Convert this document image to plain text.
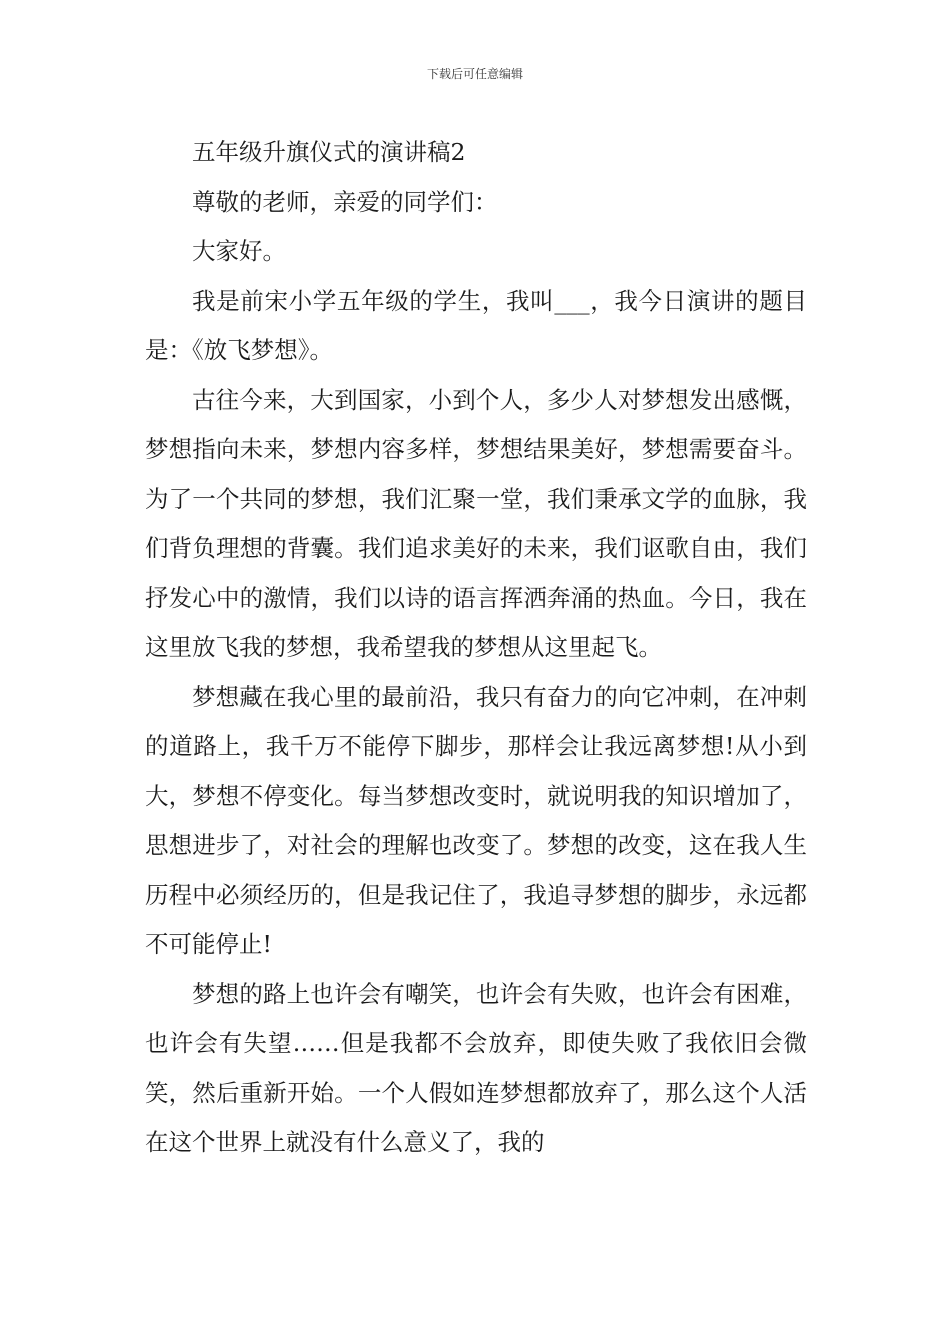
下载后可任意编辑

五年级升旗仪式的演讲稿2

尊敬的老师，亲爱的同学们：

大家好。

我是前宋小学五年级的学生，我叫___，我今日演讲的题目是：《放飞梦想》。

古往今来，大到国家，小到个人，多少人对梦想发出感慨，梦想指向未来，梦想内容多样，梦想结果美好，梦想需要奋斗。为了一个共同的梦想，我们汇聚一堂，我们秉承文学的血脉，我们背负理想的背囊。我们追求美好的未来，我们讴歌自由，我们抒发心中的激情，我们以诗的语言挥洒奔涌的热血。今日，我在这里放飞我的梦想，我希望我的梦想从这里起飞。

梦想藏在我心里的最前沿，我只有奋力的向它冲刺，在冲刺的道路上，我千万不能停下脚步，那样会让我远离梦想!从小到大，梦想不停变化。每当梦想改变时，就说明我的知识增加了，思想进步了，对社会的理解也改变了。梦想的改变，这在我人生历程中必须经历的，但是我记住了，我追寻梦想的脚步，永远都不可能停止!

梦想的路上也许会有嘲笑，也许会有失败，也许会有困难，也许会有失望……但是我都不会放弃，即使失败了我依旧会微笑，然后重新开始。一个人假如连梦想都放弃了，那么这个人活在这个世界上就没有什么意义了，我的
